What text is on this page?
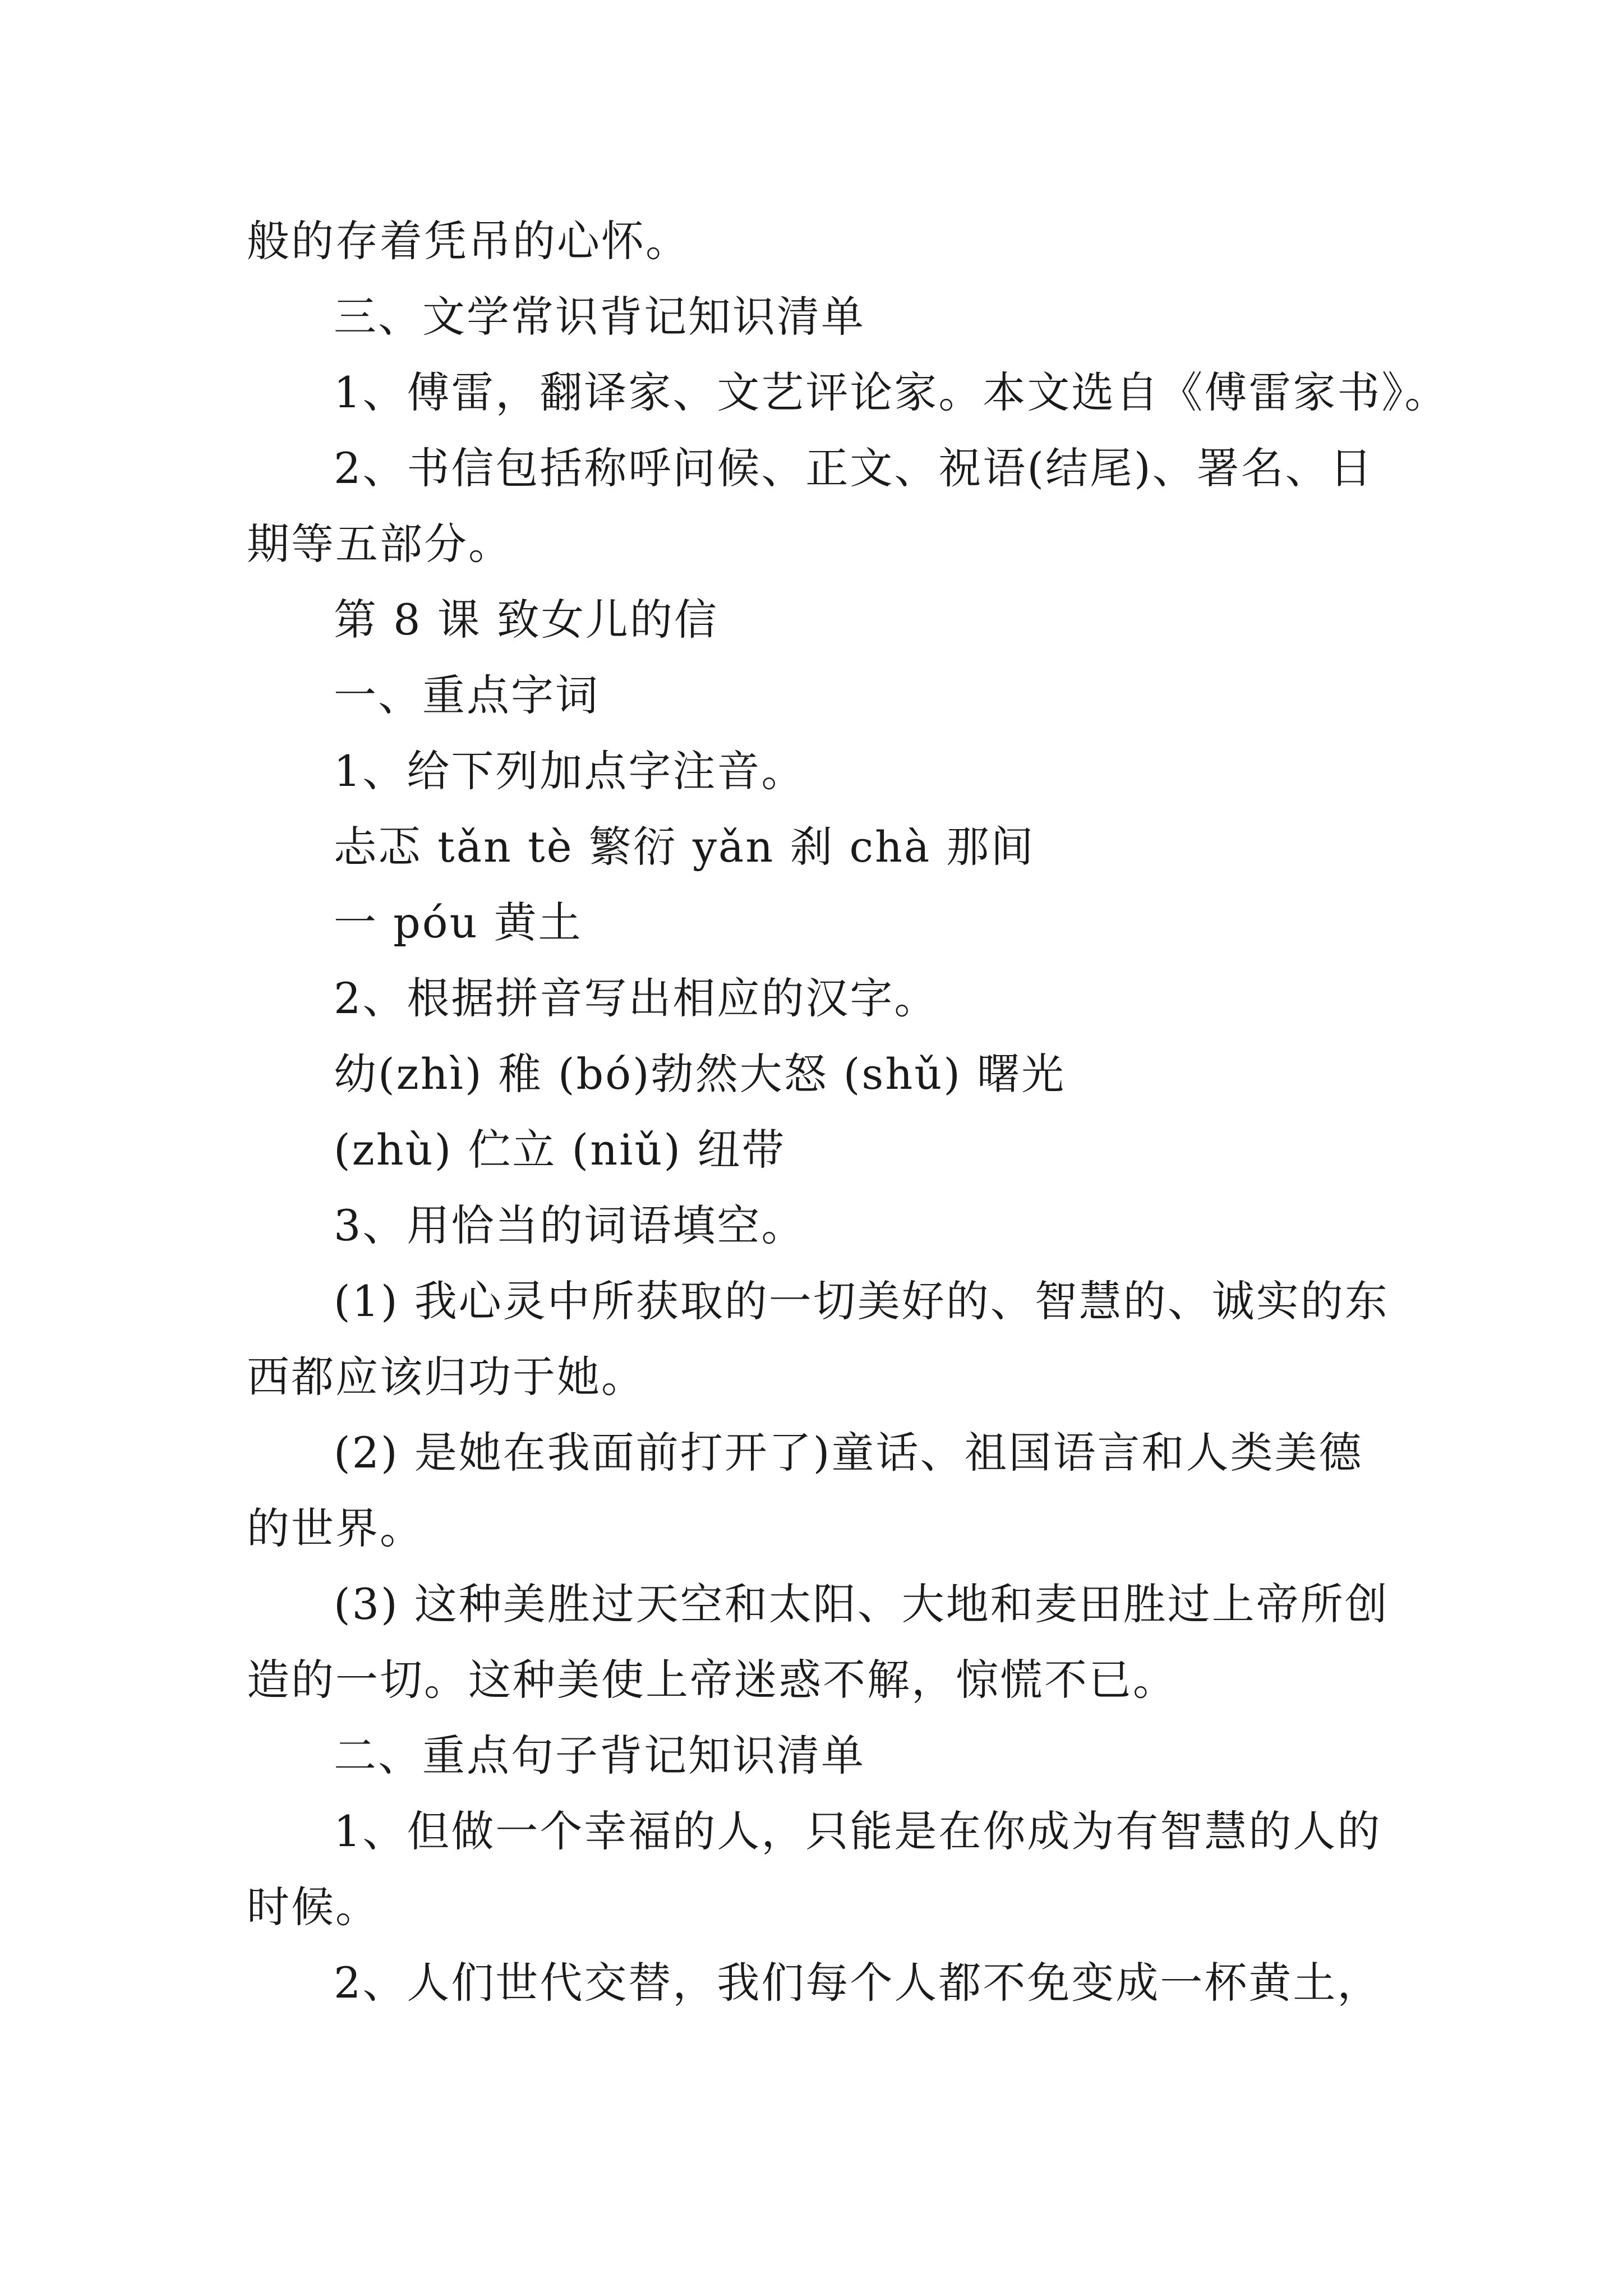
般的存着凭吊的心怀。
三、文学常识背记知识清单
1、傅雷，翻译家、文艺评论家。本文选自《傅雷家书》。
2、书信包括称呼问候、正文、祝语(结尾)、署名、日
期等五部分。
第 8 课 致女儿的信
一、重点字词
1、给下列加点字注音。
忐忑 tǎn tè 繁衍 yǎn 刹 chà 那间
一 póu 黄土
2、根据拼音写出相应的汉字。
幼(zhì) 稚 (bó)勃然大怒 (shǔ) 曙光
(zhù) 伫立 (niǔ) 纽带
3、用恰当的词语填空。
(1) 我心灵中所获取的一切美好的、智慧的、诚实的东
西都应该归功于她。
(2) 是她在我面前打开了)童话、祖国语言和人类美德
的世界。
(3) 这种美胜过天空和太阳、大地和麦田胜过上帝所创
造的一切。这种美使上帝迷惑不解，惊慌不已。
二、重点句子背记知识清单
1、但做一个幸福的人，只能是在你成为有智慧的人的
时候。
2、人们世代交替，我们每个人都不免变成一杯黄土，
